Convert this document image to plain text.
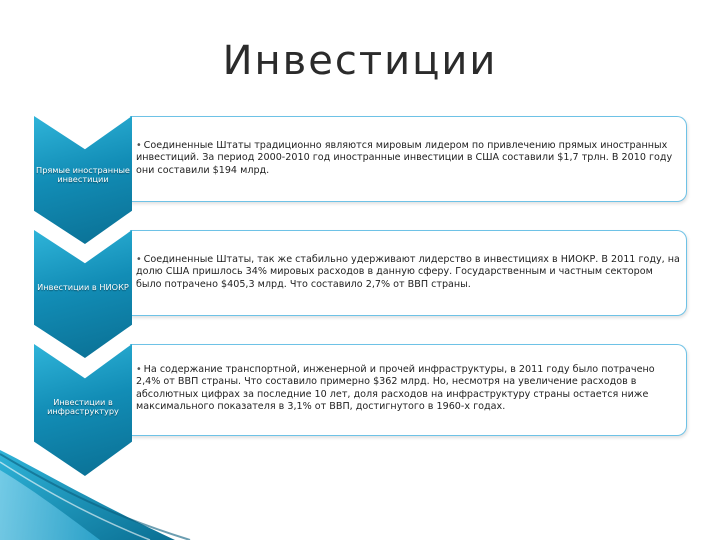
Инвестиции
Прямые иностранные инвестиции
• Соединенные Штаты традиционно являются мировым лидером по привлечению прямых иностранных инвестиций. За период 2000-2010 год иностранные инвестиции в США составили $1,7 трлн. В 2010 году они составили $194 млрд.
Инвестиции в НИОКР
• Соединенные Штаты, так же стабильно удерживают лидерство в инвестициях в НИОКР. В 2011 году, на долю США пришлось 34% мировых расходов в данную сферу. Государственным и частным сектором было потрачено $405,3 млрд. Что составило 2,7% от ВВП страны.
Инвестиции в инфраструктуру
• На содержание транспортной, инженерной и прочей инфраструктуры, в 2011 году было потрачено 2,4% от ВВП страны. Что составило примерно $362 млрд. Но, несмотря на увеличение расходов в абсолютных цифрах за последние 10 лет, доля расходов на инфраструктуру страны остается ниже максимального показателя в 3,1% от ВВП, достигнутого в 1960-х годах.
